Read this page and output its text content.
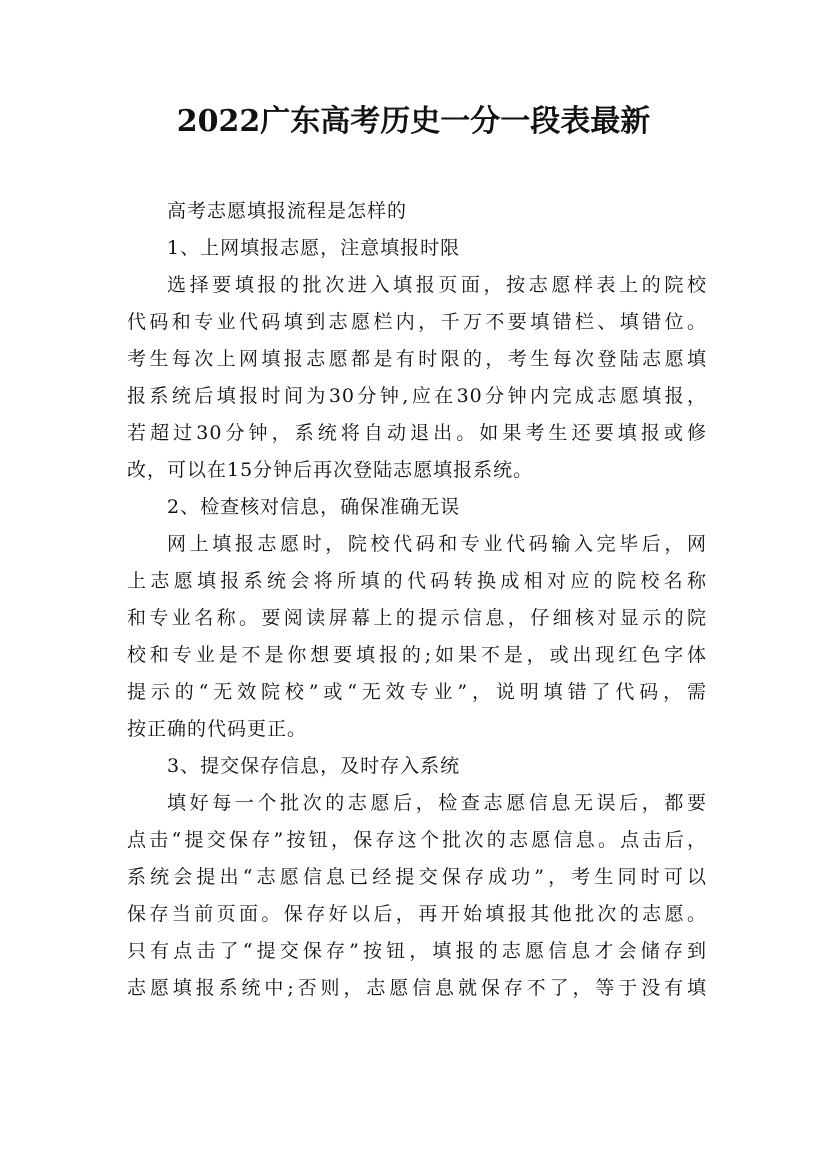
2022广东高考历史一分一段表最新
高考志愿填报流程是怎样的
1、上网填报志愿，注意填报时限
选择要填报的批次进入填报页面，按志愿样表上的院校
代码和专业代码填到志愿栏内，千万不要填错栏、填错位。
考生每次上网填报志愿都是有时限的，考生每次登陆志愿填
报系统后填报时间为30分钟,应在30分钟内完成志愿填报，
若超过30分钟，系统将自动退出。如果考生还要填报或修
改，可以在15分钟后再次登陆志愿填报系统。
2、检查核对信息，确保准确无误
网上填报志愿时，院校代码和专业代码输入完毕后，网
上志愿填报系统会将所填的代码转换成相对应的院校名称
和专业名称。要阅读屏幕上的提示信息，仔细核对显示的院
校和专业是不是你想要填报的;如果不是，或出现红色字体
提示的“无效院校”或“无效专业”，说明填错了代码，需
按正确的代码更正。
3、提交保存信息，及时存入系统
填好每一个批次的志愿后，检查志愿信息无误后，都要
点击“提交保存”按钮，保存这个批次的志愿信息。点击后，
系统会提出“志愿信息已经提交保存成功”，考生同时可以
保存当前页面。保存好以后，再开始填报其他批次的志愿。
只有点击了“提交保存”按钮，填报的志愿信息才会储存到
志愿填报系统中;否则，志愿信息就保存不了，等于没有填
